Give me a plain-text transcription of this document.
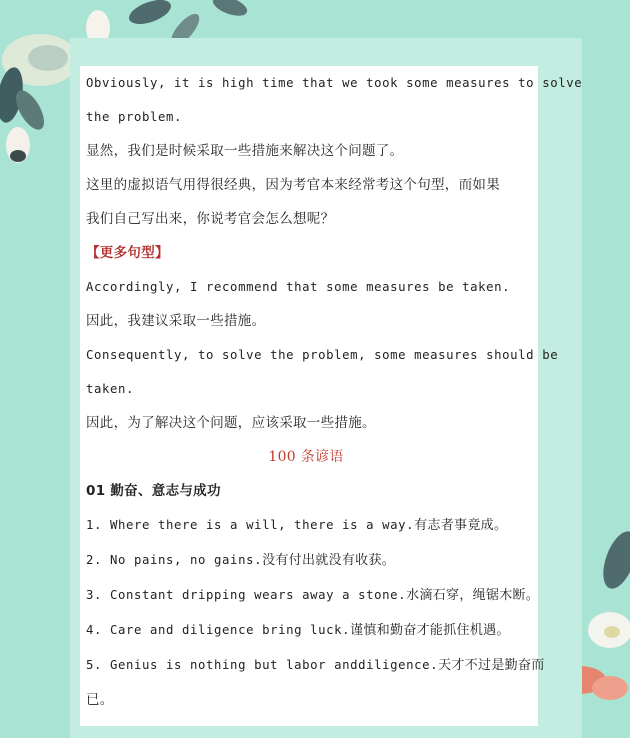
Obviously, it is high time that we took some measures to solve
the problem.
显然，我们是时候采取一些措施来解决这个问题了。
这里的虚拟语气用得很经典，因为考官本来经常考这个句型，而如果
我们自己写出来，你说考官会怎么想呢？
【更多句型】
Accordingly, I recommend that some measures be taken.
因此，我建议采取一些措施。
Consequently, to solve the problem, some measures should be
taken.
因此，为了解决这个问题，应该采取一些措施。
100 条谚语
01 勤奋、意志与成功
1. Where there is a will, there is a way.有志者事竟成。
2. No pains, no gains.没有付出就没有收获。
3. Constant dripping wears away a stone.水滴石穿，绳锯木断。
4. Care and diligence bring luck.谨慎和勤奋才能抓住机遇。
5. Genius is nothing but labor anddiligence.天才不过是勤奋而
已。
